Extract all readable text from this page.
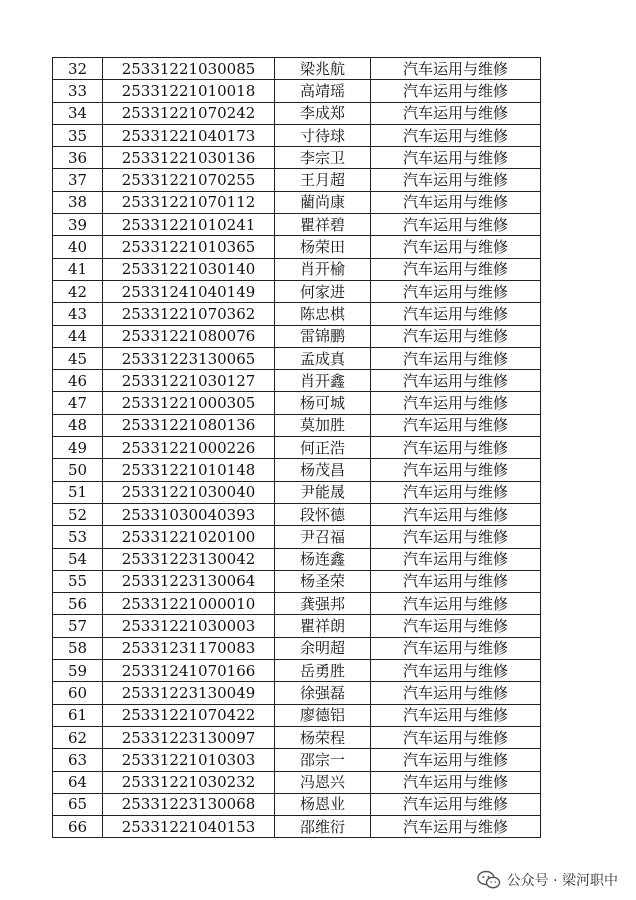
32	25331221030085	梁兆航	汽车运用与维修
33	25331221010018	高靖瑶	汽车运用与维修
34	25331221070242	李成郑	汽车运用与维修
35	25331221040173	寸待球	汽车运用与维修
36	25331221030136	李宗卫	汽车运用与维修
37	25331221070255	王月超	汽车运用与维修
38	25331221070112	藺尚康	汽车运用与维修
39	25331221010241	瞿祥碧	汽车运用与维修
40	25331221010365	杨荣田	汽车运用与维修
41	25331221030140	肖开榆	汽车运用与维修
42	25331241040149	何家进	汽车运用与维修
43	25331221070362	陈忠棋	汽车运用与维修
44	25331221080076	雷锦鹏	汽车运用与维修
45	25331223130065	孟成真	汽车运用与维修
46	25331221030127	肖开鑫	汽车运用与维修
47	25331221000305	杨可城	汽车运用与维修
48	25331221080136	莫加胜	汽车运用与维修
49	25331221000226	何正浩	汽车运用与维修
50	25331221010148	杨茂昌	汽车运用与维修
51	25331221030040	尹能晟	汽车运用与维修
52	25331030040393	段怀德	汽车运用与维修
53	25331221020100	尹召福	汽车运用与维修
54	25331223130042	杨连鑫	汽车运用与维修
55	25331223130064	杨圣荣	汽车运用与维修
56	25331221000010	龚强邦	汽车运用与维修
57	25331221030003	瞿祥朗	汽车运用与维修
58	25331231170083	余明超	汽车运用与维修
59	25331241070166	岳勇胜	汽车运用与维修
60	25331223130049	徐强磊	汽车运用与维修
61	25331221070422	廖德铝	汽车运用与维修
62	25331223130097	杨荣程	汽车运用与维修
63	25331221010303	邵宗一	汽车运用与维修
64	25331221030232	冯恩兴	汽车运用与维修
65	25331223130068	杨恩业	汽车运用与维修
66	25331221040153	邵维衍	汽车运用与维修
公众号 · 梁河职中
